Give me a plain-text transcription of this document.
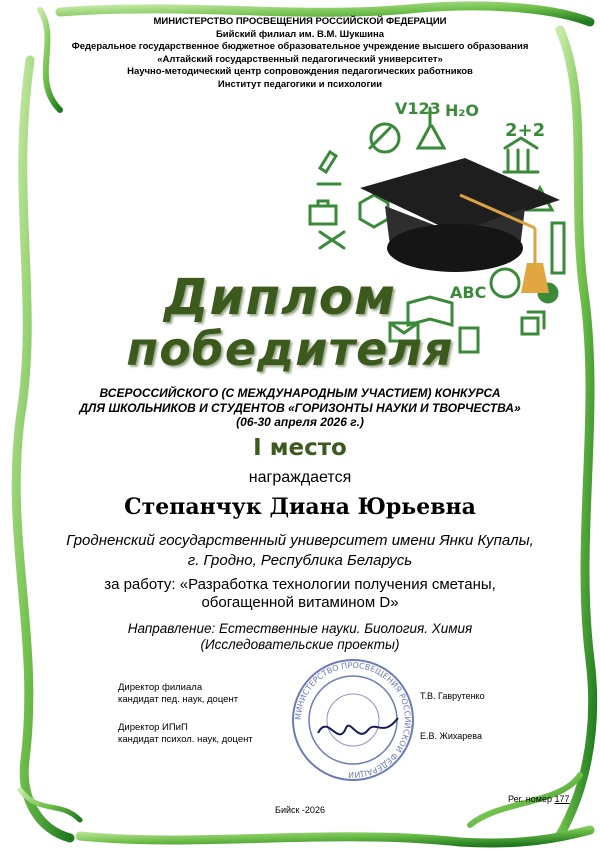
МИНИСТЕРСТВО ПРОСВЕЩЕНИЯ РОССИЙСКОЙ ФЕДЕРАЦИИ
Бийский филиал им. В.М. Шукшина
Федеральное государственное бюджетное образовательное учреждение высшего образования
«Алтайский государственный педагогический университет»
Научно-методический центр сопровождения педагогических работников
Институт педагогики и психологии
V123 H₂O
2+2
ABC
Диплом
победителя
ВСЕРОССИЙСКОГО (С МЕЖДУНАРОДНЫМ УЧАСТИЕМ) КОНКУРСА
ДЛЯ ШКОЛЬНИКОВ И СТУДЕНТОВ «ГОРИЗОНТЫ НАУКИ И ТВОРЧЕСТВА»
(06-30 апреля 2026 г.)
I место
награждается
Степанчук Диана Юрьевна
Гродненский государственный университет имени Янки Купалы,
г. Гродно, Республика Беларусь
за работу: «Разработка технологии получения сметаны,
обогащенной витамином D»
Направление: Естественные науки. Биология. Химия
(Исследовательские проекты)
МИНИСТЕРСТВО ПРОСВЕЩЕНИЯ РОССИЙСКОЙ ФЕДЕРАЦИИ
Директор филиала
кандидат пед. наук, доцент	Т.В. Гаврутенко
Директор ИПиП
кандидат психол. наук, доцент	Е.В. Жихарева
Рег. номер 177
Бийск -2026
